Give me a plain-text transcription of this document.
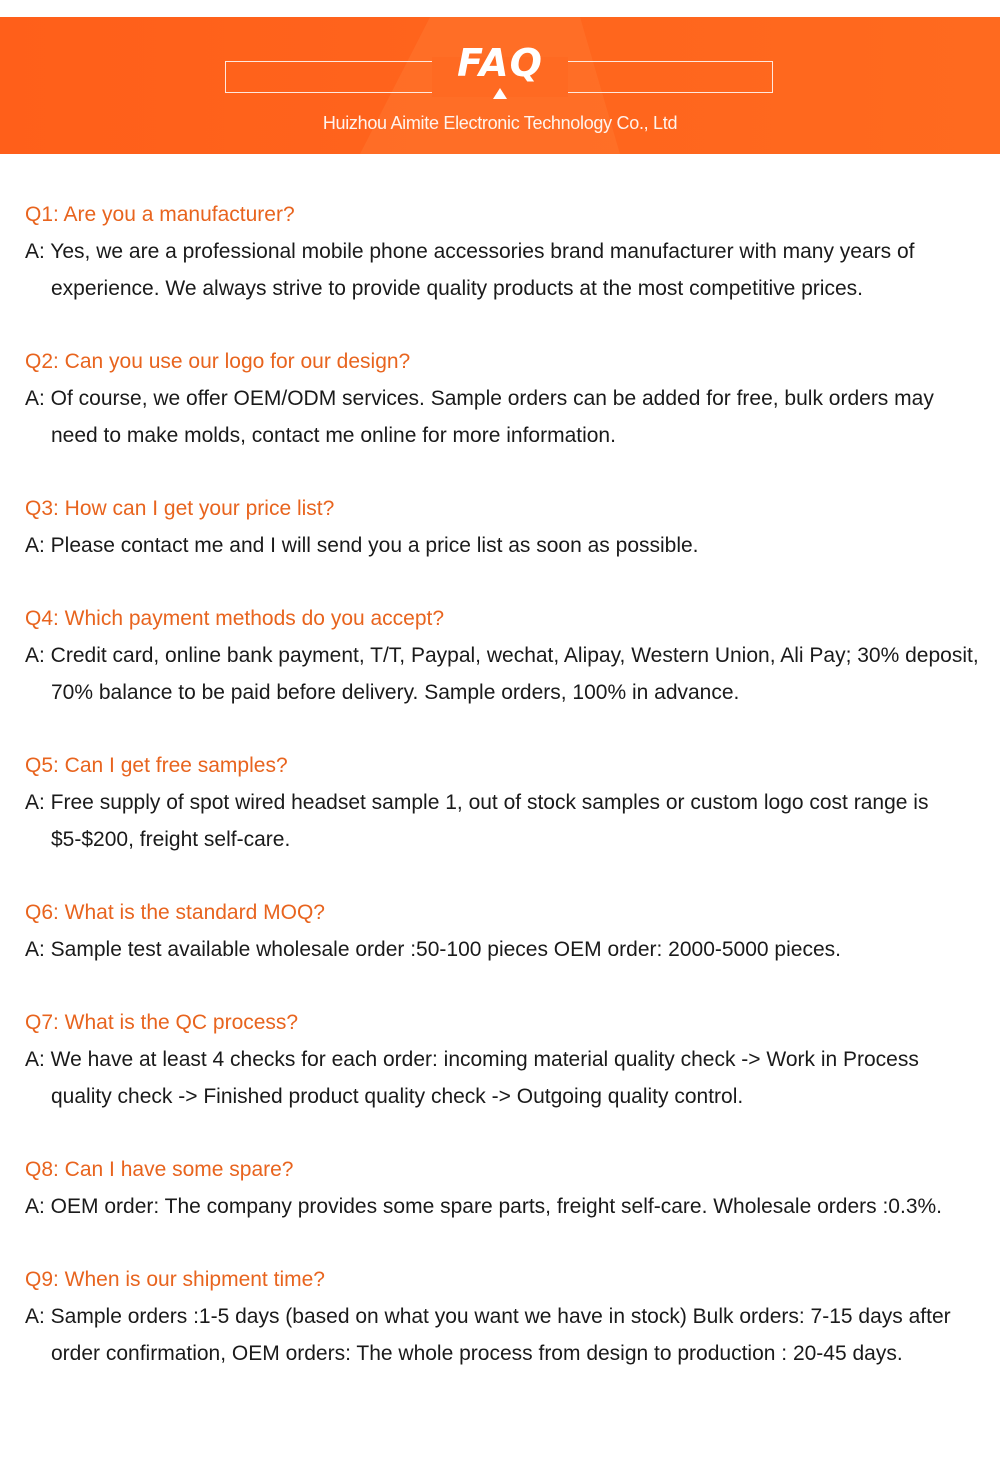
FAQ
Huizhou Aimite Electronic Technology Co., Ltd

Q1: Are you a manufacturer?

A: Yes, we are a professional mobile phone accessories brand manufacturer with many years of experience. We always strive to provide quality products at the most competitive prices.

Q2: Can you use our logo for our design?

A: Of course, we offer OEM/ODM services. Sample orders can be added for free, bulk orders may need to make molds, contact me online for more information.

Q3: How can I get your price list?

A: Please contact me and I will send you a price list as soon as possible.

Q4: Which payment methods do you accept?

A: Credit card, online bank payment, T/T, Paypal, wechat, Alipay, Western Union, Ali Pay; 30% deposit, 70% balance to be paid before delivery. Sample orders, 100% in advance.

Q5: Can I get free samples?

A: Free supply of spot wired headset sample 1, out of stock samples or custom logo cost range is $5-$200, freight self-care.

Q6: What is the standard MOQ?

A: Sample test available wholesale order :50-100 pieces OEM order: 2000-5000 pieces.

Q7: What is the QC process?

A: We have at least 4 checks for each order: incoming material quality check -> Work in Process quality check -> Finished product quality check -> Outgoing quality control.

Q8: Can I have some spare?

A: OEM order: The company provides some spare parts, freight self-care. Wholesale orders :0.3%.

Q9: When is our shipment time?

A: Sample orders :1-5 days (based on what you want we have in stock) Bulk orders: 7-15 days after order confirmation, OEM orders: The whole process from design to production : 20-45 days.
